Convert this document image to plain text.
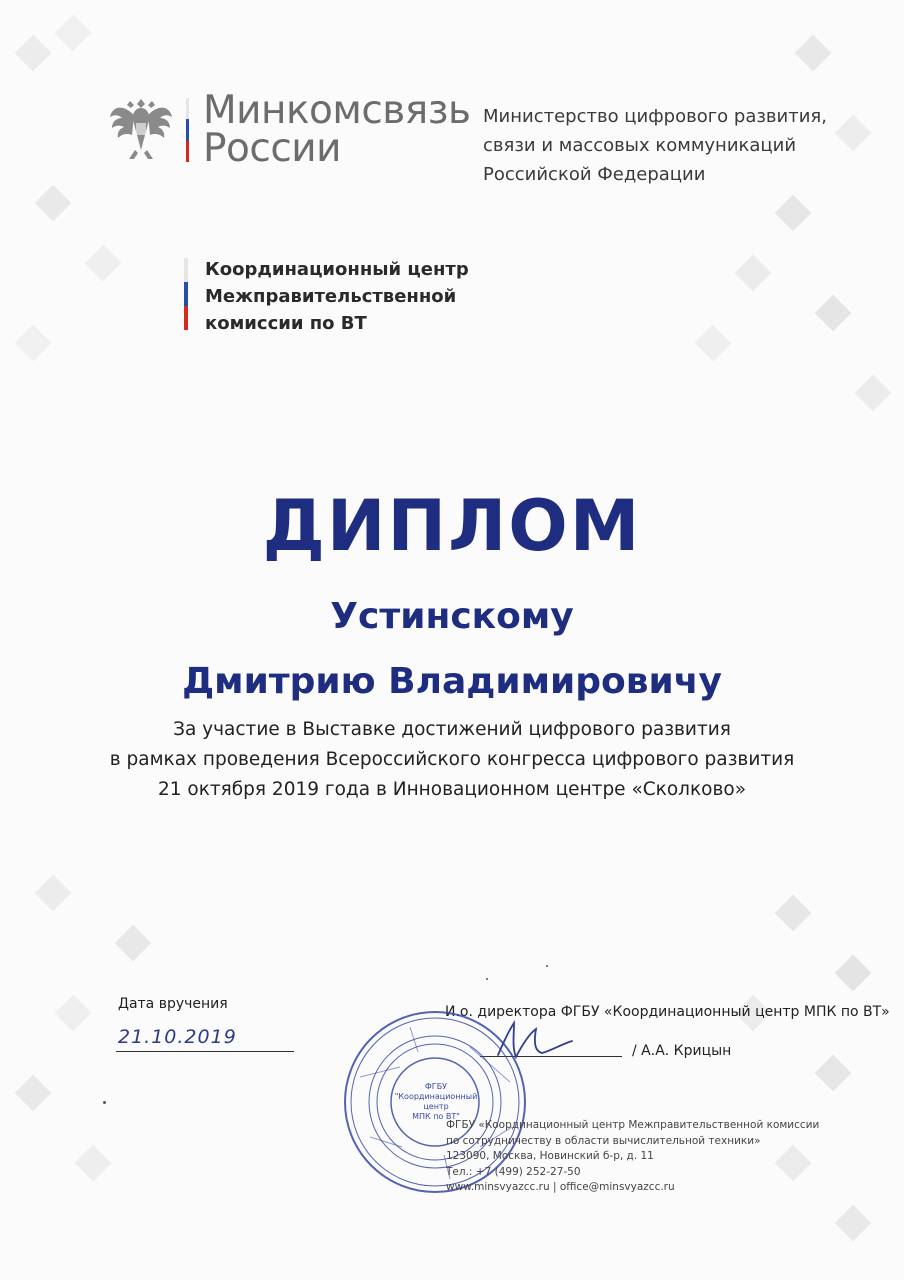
Минкомсвязь
России
Министерство цифрового развития,
связи и массовых коммуникаций
Российской Федерации
Координационный центр
Межправительственной
комиссии по ВТ
ДИПЛОМ
Устинскому
Дмитрию Владимировичу
За участие в Выставке достижений цифрового развития
в рамках проведения Всероссийского конгресса цифрового развития
21 октября 2019 года в Инновационном центре «Сколково»
Дата вручения
21.10.2019
И.о. директора ФГБУ «Координационный центр МПК по ВТ»
/ А.А. Крицын
ФГБУ
"Координационный
центр
МПК по ВТ"
ФГБУ «Координационный центр Межправительственной комиссии
по сотрудничеству в области вычислительной техники»
123090, Москва, Новинский б-р, д. 11
Тел.: +7 (499) 252-27-50
www.minsvyazcc.ru | office@minsvyazcc.ru
